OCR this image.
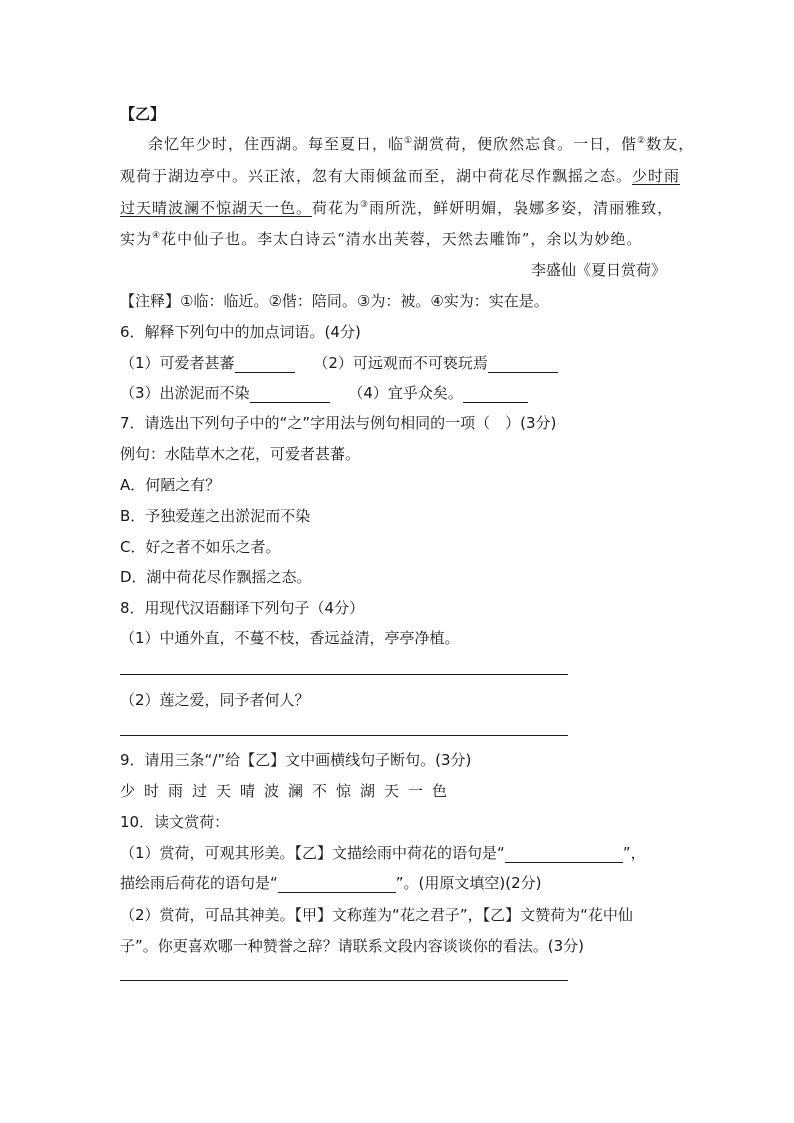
【乙】
余忆年少时，住西湖。每至夏日，临①湖赏荷，便欣然忘食。一日，偕②数友，
观荷于湖边亭中。兴正浓，忽有大雨倾盆而至，湖中荷花尽作飘摇之态。少时雨
过天晴波澜不惊湖天一色。荷花为③雨所洗，鲜妍明媚，袅娜多姿，清丽雅致，
实为④花中仙子也。李太白诗云“清水出芙蓉，天然去雕饰”，余以为妙绝。
李盛仙《夏日赏荷》
【注释】①临：临近。②偕：陪同。③为：被。④实为：实在是。
6．解释下列句中的加点词语。(4分)
（1）可爱者甚蕃	（2）可远观而不可亵玩焉
（3）出淤泥而不染	（4）宜乎众矣。
7．请选出下列句子中的“之”字用法与例句相同的一项（　）(3分)
例句：水陆草木之花，可爱者甚蕃。
A．何陋之有？
B．予独爱莲之出淤泥而不染
C．好之者不如乐之者。
D．湖中荷花尽作飘摇之态。
8．用现代汉语翻译下列句子（4分）
（1）中通外直，不蔓不枝，香远益清，亭亭净植。
（2）莲之爱，同予者何人？
9．请用三条“/”给【乙】文中画横线句子断句。(3分)
少时雨过天晴波澜不惊湖天一色
10．读文赏荷：
（1）赏荷，可观其形美。【乙】文描绘雨中荷花的语句是“	”，
描绘雨后荷花的语句是“	”。(用原文填空)(2分)
（2）赏荷，可品其神美。【甲】文称莲为“花之君子”，【乙】文赞荷为“花中仙
子”。你更喜欢哪一种赞誉之辞？请联系文段内容谈谈你的看法。(3分)
